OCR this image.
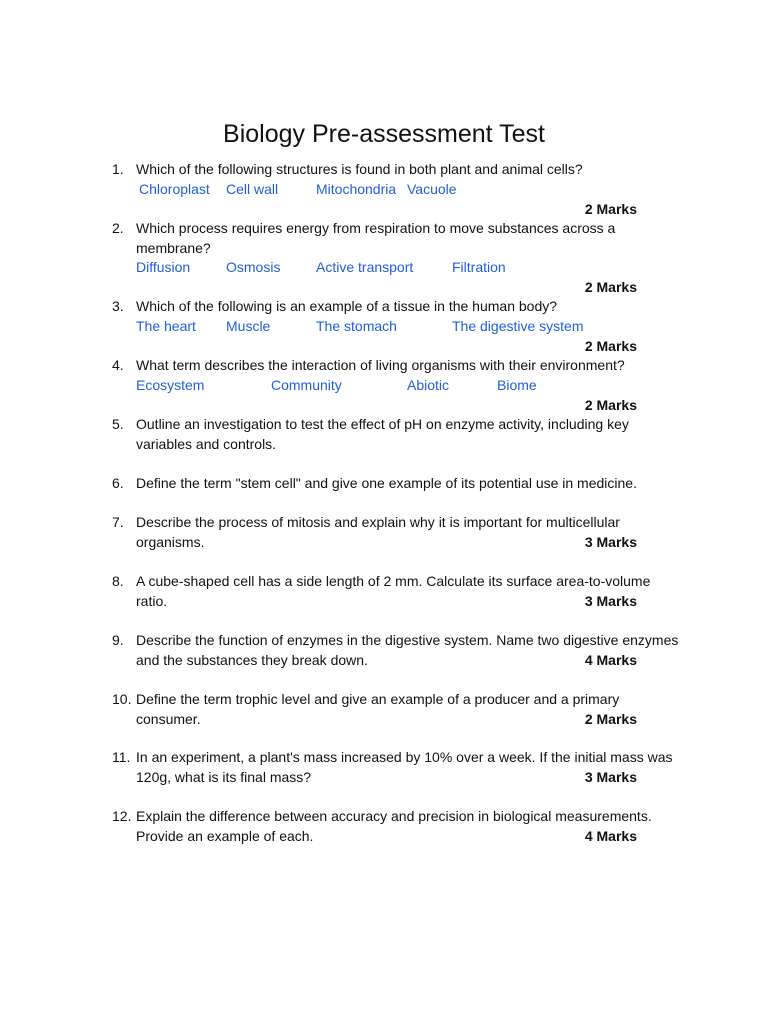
Biology Pre-assessment Test
1. Which of the following structures is found in both plant and animal cells?
Chloroplast Cell wall	Mitochondria Vacuole
2 Marks
2. Which process requires energy from respiration to move substances across a membrane?
Diffusion	Osmosis	Active transport	Filtration
2 Marks
3. Which of the following is an example of a tissue in the human body?
The heart Muscle	The stomach	The digestive system
2 Marks
4. What term describes the interaction of living organisms with their environment?
Ecosystem	Community	Abiotic	Biome
2 Marks
5. Outline an investigation to test the effect of pH on enzyme activity, including key variables and controls.
6. Define the term "stem cell" and give one example of its potential use in medicine.
7. Describe the process of mitosis and explain why it is important for multicellular organisms.	3 Marks
8. A cube-shaped cell has a side length of 2 mm. Calculate its surface area-to-volume ratio.	3 Marks
9. Describe the function of enzymes in the digestive system. Name two digestive enzymes and the substances they break down.	4 Marks
10. Define the term trophic level and give an example of a producer and a primary consumer.	2 Marks
11. In an experiment, a plant's mass increased by 10% over a week. If the initial mass was 120g, what is its final mass?	3 Marks
12. Explain the difference between accuracy and precision in biological measurements. Provide an example of each.	4 Marks
